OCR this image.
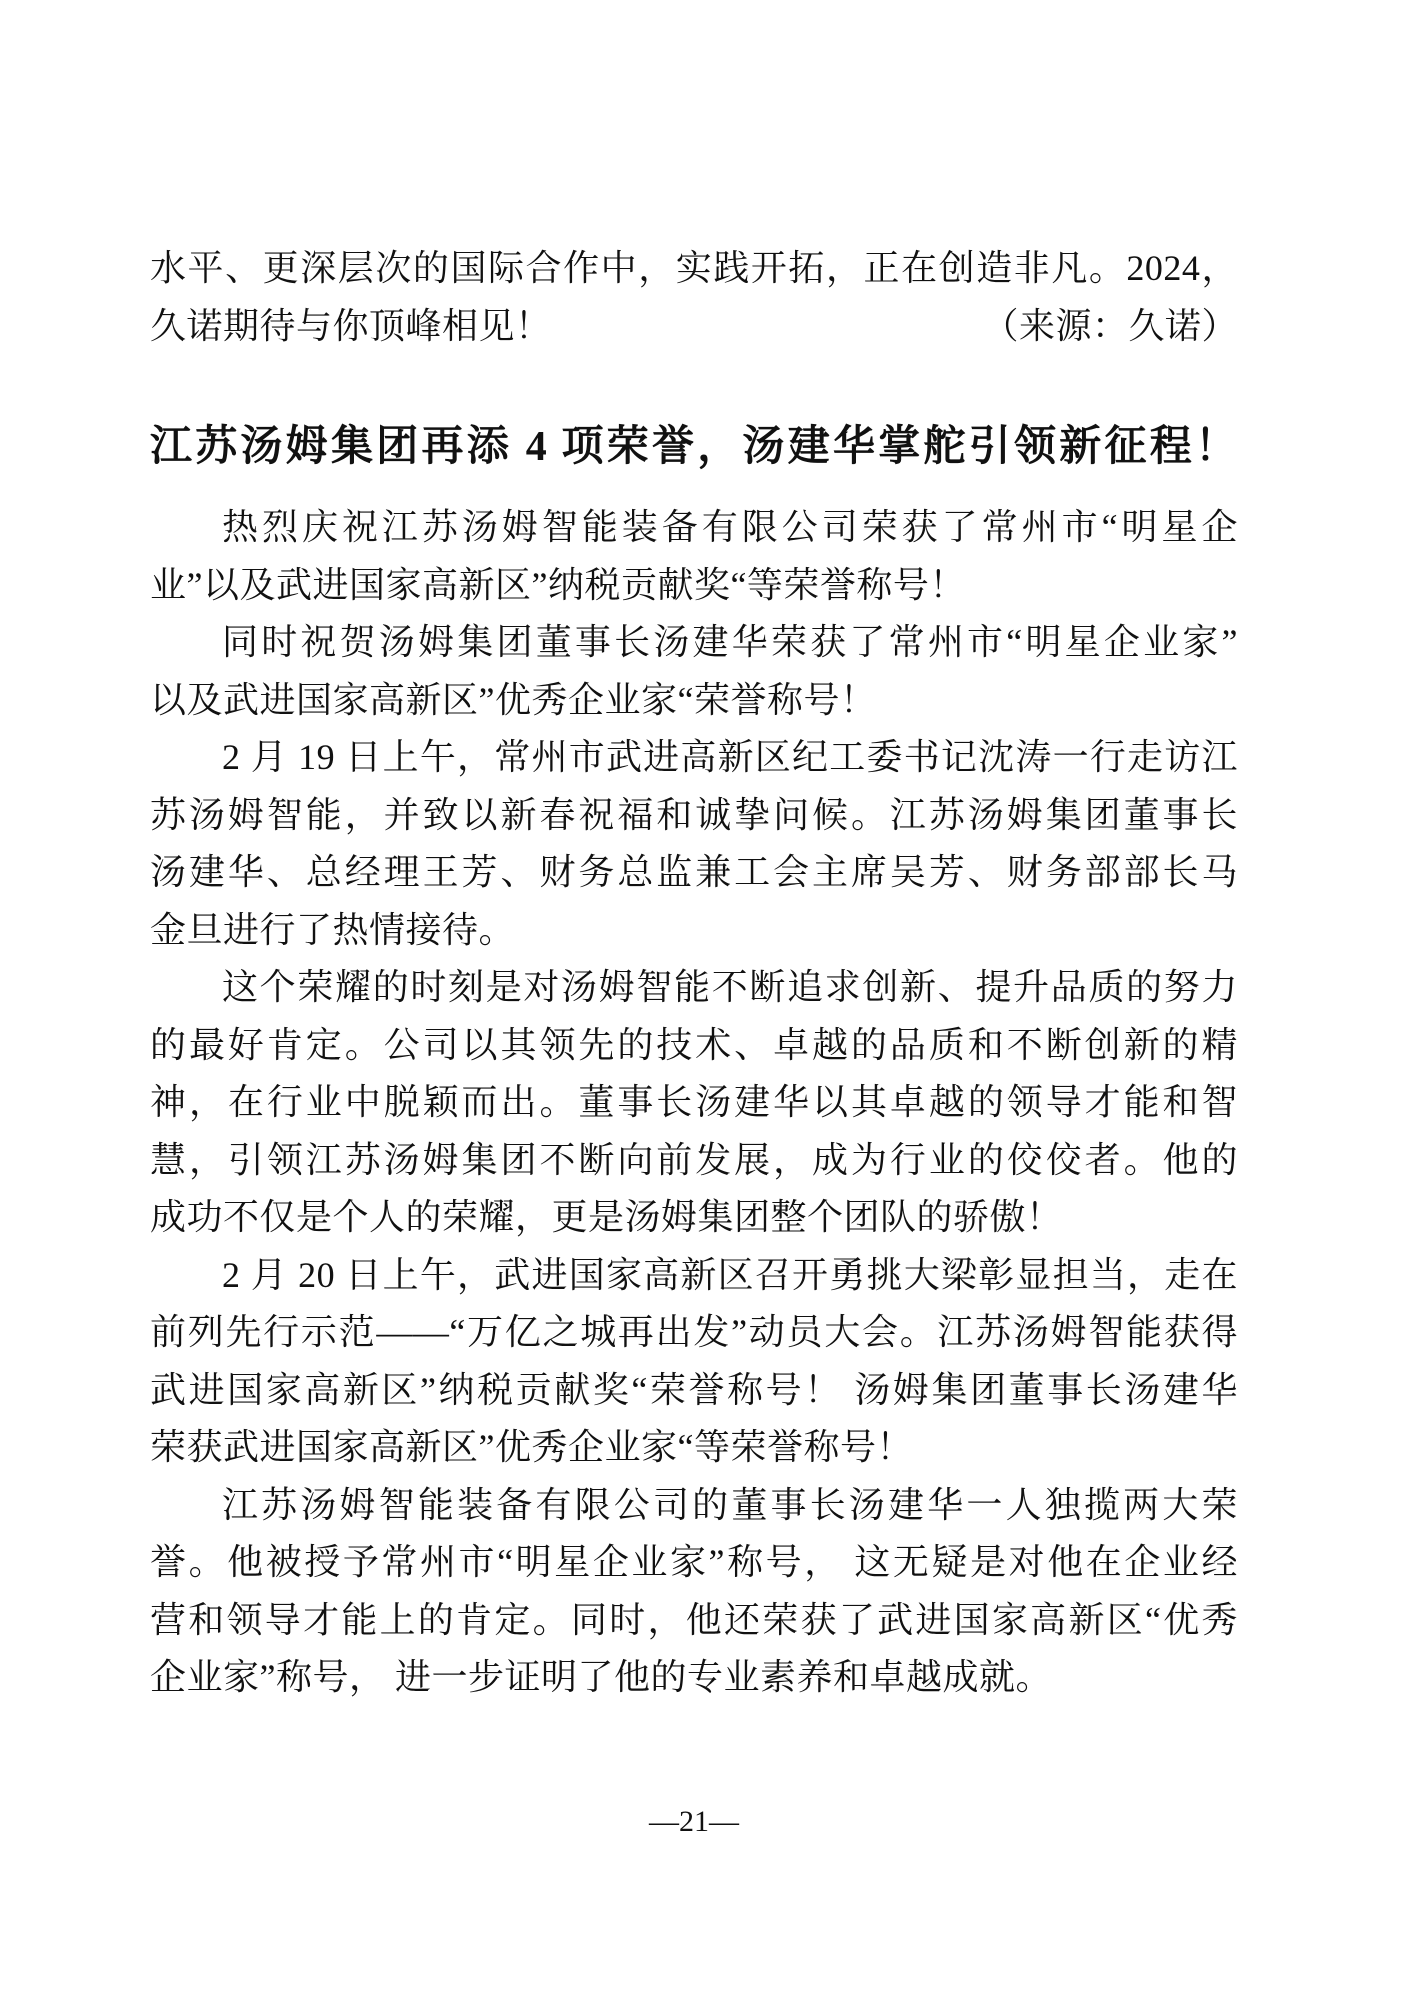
水平、更深层次的国际合作中，实践开拓，正在创造非凡。2024，
久诺期待与你顶峰相见！	（来源：久诺）
江苏汤姆集团再添 4 项荣誉，汤建华掌舵引领新征程！
热烈庆祝江苏汤姆智能装备有限公司荣获了常州市“明星企
业”以及武进国家高新区”纳税贡献奖“等荣誉称号！
同时祝贺汤姆集团董事长汤建华荣获了常州市“明星企业家”
以及武进国家高新区”优秀企业家“荣誉称号！
2 月 19 日上午，常州市武进高新区纪工委书记沈涛一行走访江
苏汤姆智能，并致以新春祝福和诚挚问候。江苏汤姆集团董事长
汤建华、总经理王芳、财务总监兼工会主席吴芳、财务部部长马
金旦进行了热情接待。
这个荣耀的时刻是对汤姆智能不断追求创新、提升品质的努力
的最好肯定。公司以其领先的技术、卓越的品质和不断创新的精
神，在行业中脱颖而出。董事长汤建华以其卓越的领导才能和智
慧，引领江苏汤姆集团不断向前发展，成为行业的佼佼者。他的
成功不仅是个人的荣耀，更是汤姆集团整个团队的骄傲！
2 月 20 日上午，武进国家高新区召开勇挑大梁彰显担当，走在
前列先行示范——“万亿之城再出发”动员大会。江苏汤姆智能获得
武进国家高新区”纳税贡献奖“荣誉称号！ 汤姆集团董事长汤建华
荣获武进国家高新区”优秀企业家“等荣誉称号！
江苏汤姆智能装备有限公司的董事长汤建华一人独揽两大荣
誉。他被授予常州市“明星企业家”称号， 这无疑是对他在企业经
营和领导才能上的肯定。同时，他还荣获了武进国家高新区“优秀
企业家”称号， 进一步证明了他的专业素养和卓越成就。
—21—
